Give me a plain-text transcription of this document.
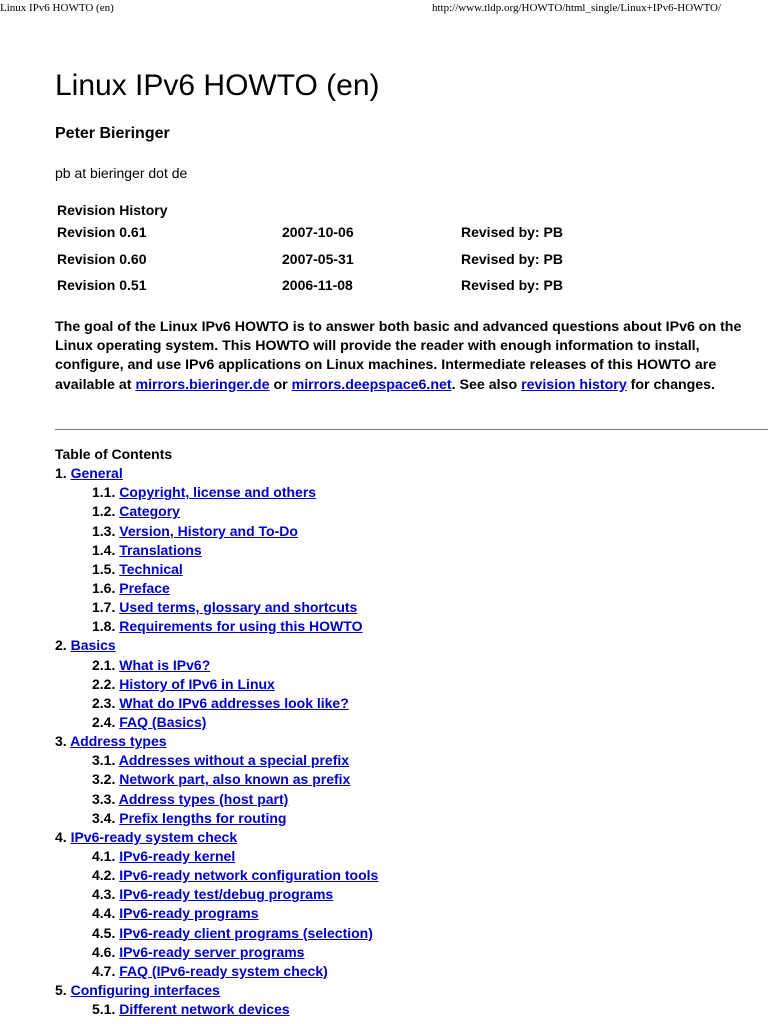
Linux IPv6 HOWTO (en)	http://www.tldp.org/HOWTO/html_single/Linux+IPv6-HOWTO/
Linux IPv6 HOWTO (en)
Peter Bieringer
pb at bieringer dot de
Revision History
Revision 0.61	2007-10-06	Revised by: PB
Revision 0.60	2007-05-31	Revised by: PB
Revision 0.51	2006-11-08	Revised by: PB

The goal of the Linux IPv6 HOWTO is to answer both basic and advanced questions about IPv6 on the Linux operating system. This HOWTO will provide the reader with enough information to install, configure, and use IPv6 applications on Linux machines. Intermediate releases of this HOWTO are available at mirrors.bieringer.de or mirrors.deepspace6.net. See also revision history for changes.

Table of Contents
1. General
1.1. Copyright, license and others
1.2. Category
1.3. Version, History and To-Do
1.4. Translations
1.5. Technical
1.6. Preface
1.7. Used terms, glossary and shortcuts
1.8. Requirements for using this HOWTO
2. Basics
2.1. What is IPv6?
2.2. History of IPv6 in Linux
2.3. What do IPv6 addresses look like?
2.4. FAQ (Basics)
3. Address types
3.1. Addresses without a special prefix
3.2. Network part, also known as prefix
3.3. Address types (host part)
3.4. Prefix lengths for routing
4. IPv6-ready system check
4.1. IPv6-ready kernel
4.2. IPv6-ready network configuration tools
4.3. IPv6-ready test/debug programs
4.4. IPv6-ready programs
4.5. IPv6-ready client programs (selection)
4.6. IPv6-ready server programs
4.7. FAQ (IPv6-ready system check)
5. Configuring interfaces
5.1. Different network devices
